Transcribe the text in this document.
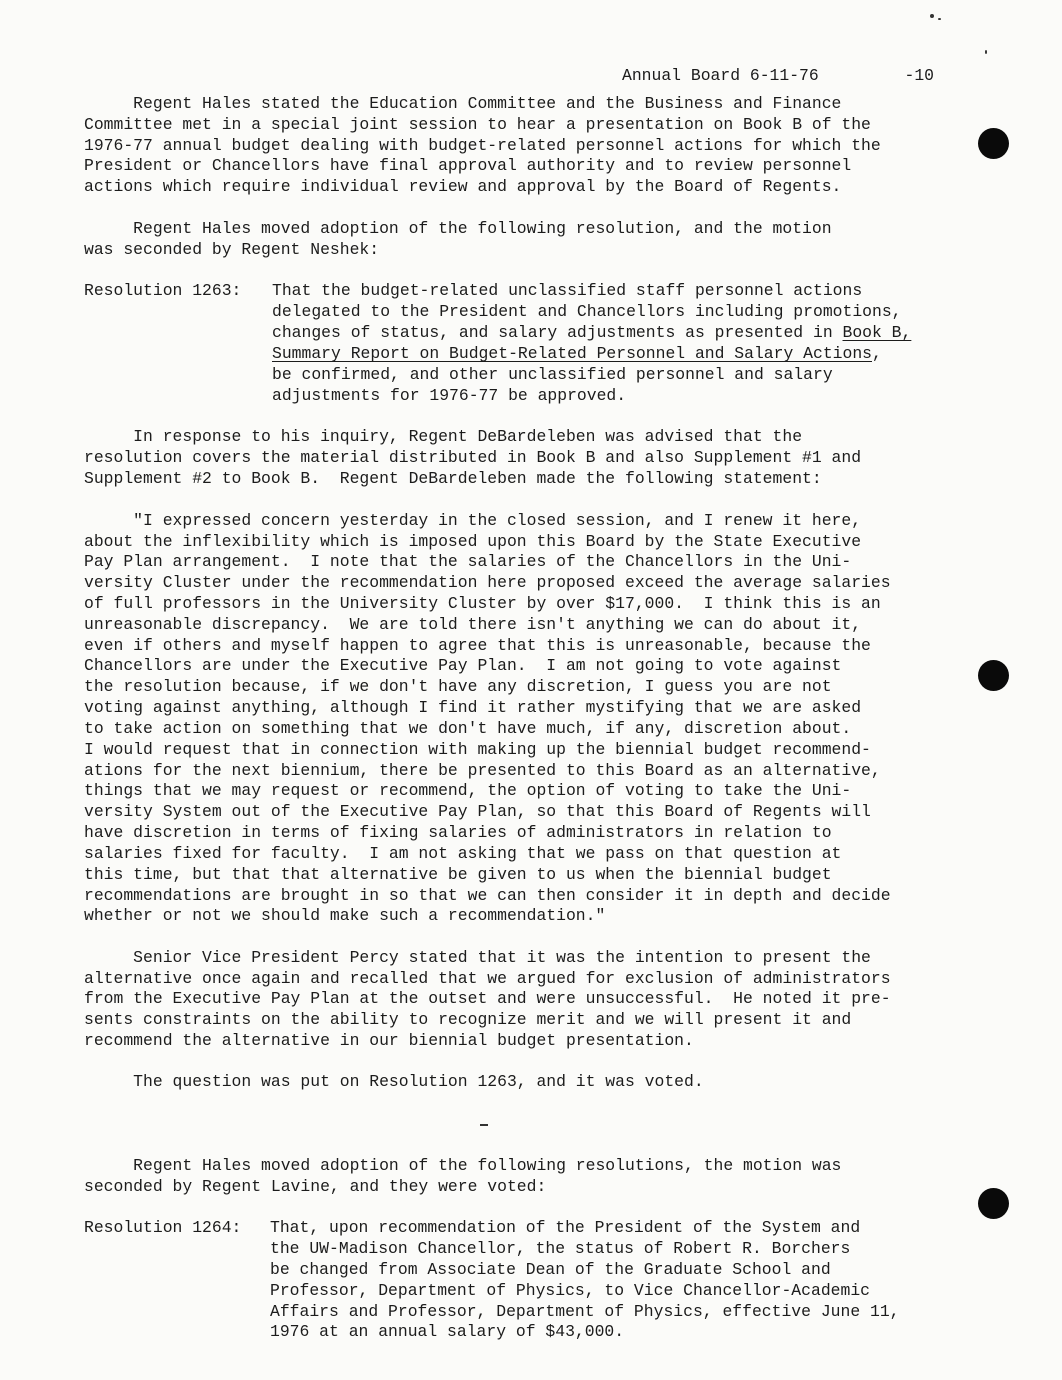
Annual Board 6-11-76	-10
Regent Hales stated the Education Committee and the Business and Finance
Committee met in a special joint session to hear a presentation on Book B of the
1976-77 annual budget dealing with budget-related personnel actions for which the
President or Chancellors have final approval authority and to review personnel
actions which require individual review and approval by the Board of Regents.
Regent Hales moved adoption of the following resolution, and the motion
was seconded by Regent Neshek:
Resolution 1263: That the budget-related unclassified staff personnel actions
delegated to the President and Chancellors including promotions,
changes of status, and salary adjustments as presented in Book B,
Summary Report on Budget-Related Personnel and Salary Actions,
be confirmed, and other unclassified personnel and salary
adjustments for 1976-77 be approved.
In response to his inquiry, Regent DeBardeleben was advised that the
resolution covers the material distributed in Book B and also Supplement #1 and
Supplement #2 to Book B.  Regent DeBardeleben made the following statement:
"I expressed concern yesterday in the closed session, and I renew it here,
about the inflexibility which is imposed upon this Board by the State Executive
Pay Plan arrangement.  I note that the salaries of the Chancellors in the Uni-
versity Cluster under the recommendation here proposed exceed the average salaries
of full professors in the University Cluster by over $17,000.  I think this is an
unreasonable discrepancy.  We are told there isn't anything we can do about it,
even if others and myself happen to agree that this is unreasonable, because the
Chancellors are under the Executive Pay Plan.  I am not going to vote against
the resolution because, if we don't have any discretion, I guess you are not
voting against anything, although I find it rather mystifying that we are asked
to take action on something that we don't have much, if any, discretion about.
I would request that in connection with making up the biennial budget recommend-
ations for the next biennium, there be presented to this Board as an alternative,
things that we may request or recommend, the option of voting to take the Uni-
versity System out of the Executive Pay Plan, so that this Board of Regents will
have discretion in terms of fixing salaries of administrators in relation to
salaries fixed for faculty.  I am not asking that we pass on that question at
this time, but that that alternative be given to us when the biennial budget
recommendations are brought in so that we can then consider it in depth and decide
whether or not we should make such a recommendation."
Senior Vice President Percy stated that it was the intention to present the
alternative once again and recalled that we argued for exclusion of administrators
from the Executive Pay Plan at the outset and were unsuccessful.  He noted it pre-
sents constraints on the ability to recognize merit and we will present it and
recommend the alternative in our biennial budget presentation.
The question was put on Resolution 1263, and it was voted.
Regent Hales moved adoption of the following resolutions, the motion was
seconded by Regent Lavine, and they were voted:
Resolution 1264: That, upon recommendation of the President of the System and
the UW-Madison Chancellor, the status of Robert R. Borchers
be changed from Associate Dean of the Graduate School and
Professor, Department of Physics, to Vice Chancellor-Academic
Affairs and Professor, Department of Physics, effective June 11,
1976 at an annual salary of $43,000.
